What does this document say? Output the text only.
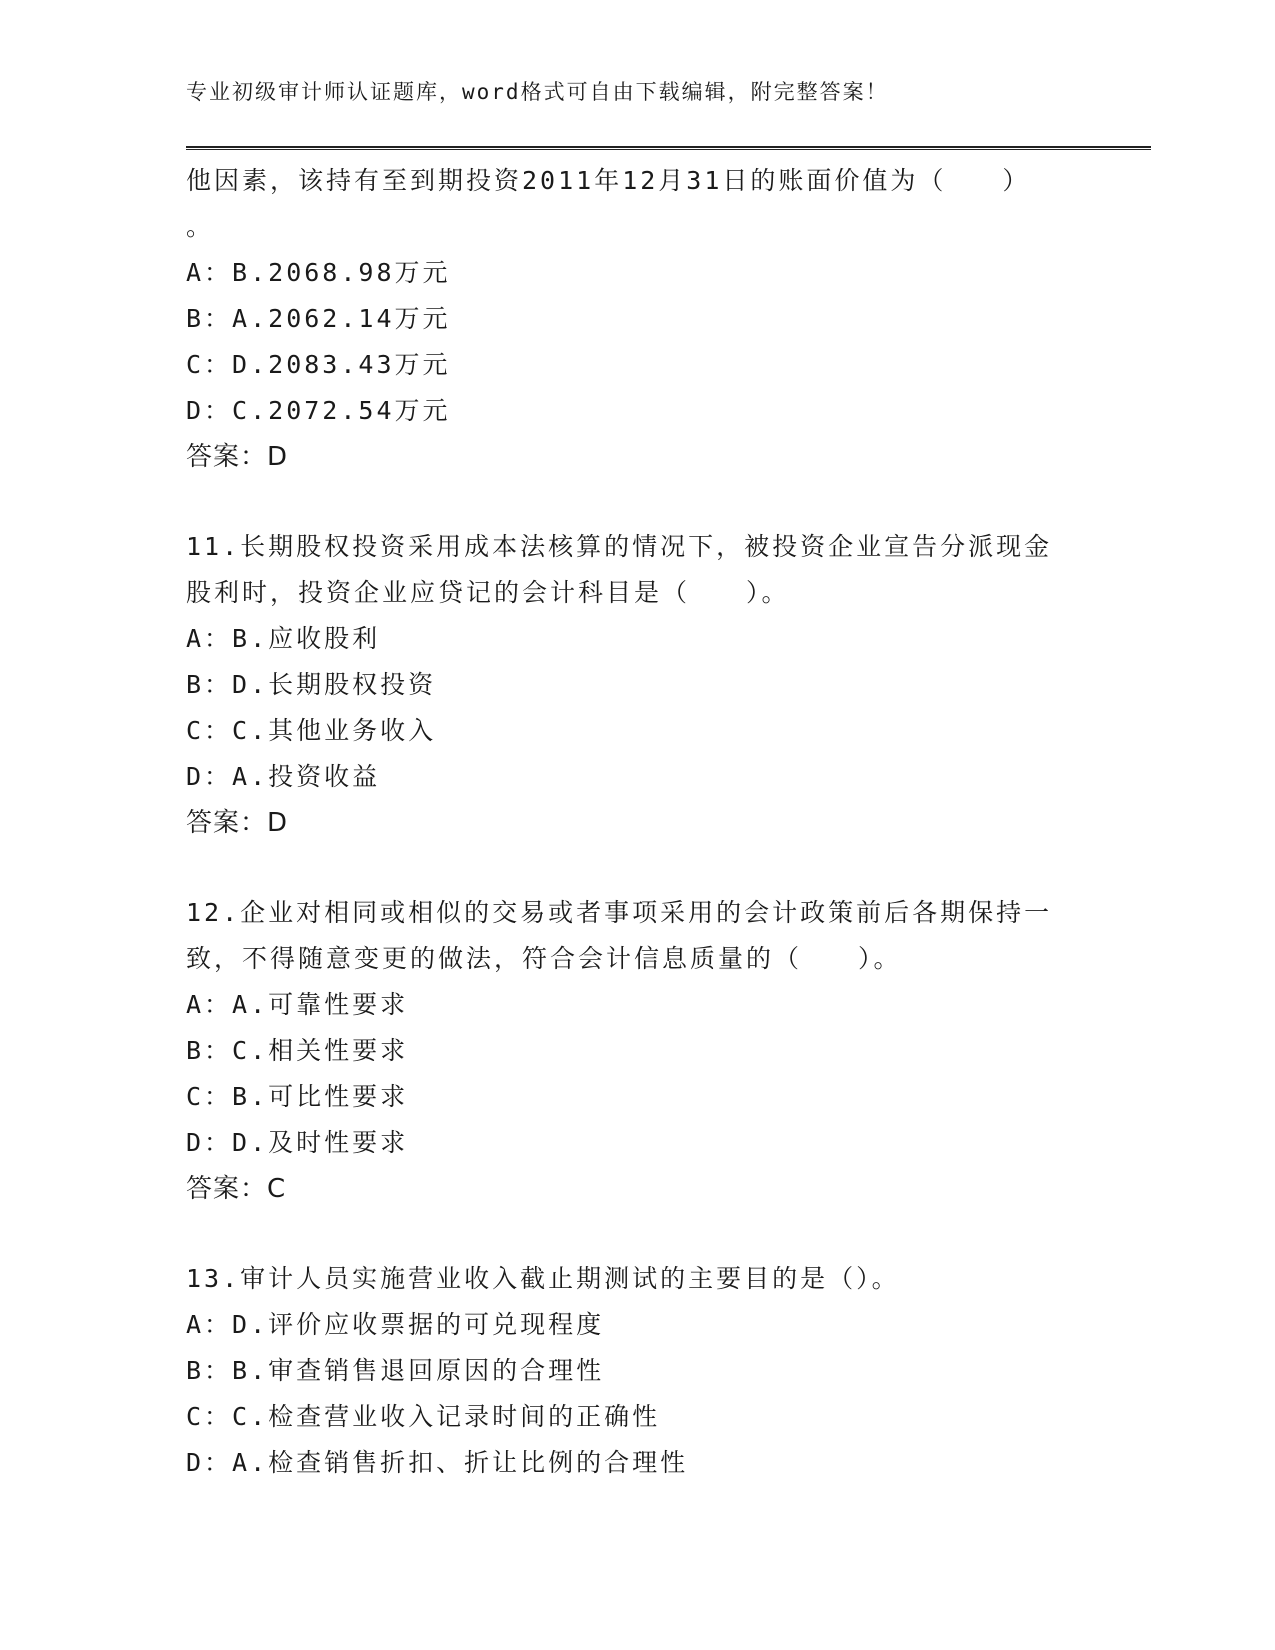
专业初级审计师认证题库，word格式可自由下载编辑，附完整答案！
他因素，该持有至到期投资2011年12月31日的账面价值为（　　）
。
A：B.2068.98万元
B：A.2062.14万元
C：D.2083.43万元
D：C.2072.54万元
答案：D
11.长期股权投资采用成本法核算的情况下，被投资企业宣告分派现金
股利时，投资企业应贷记的会计科目是（　　）。
A：B.应收股利
B：D.长期股权投资
C：C.其他业务收入
D：A.投资收益
答案：D
12.企业对相同或相似的交易或者事项采用的会计政策前后各期保持一
致，不得随意变更的做法，符合会计信息质量的（　　）。
A：A.可靠性要求
B：C.相关性要求
C：B.可比性要求
D：D.及时性要求
答案：C
13.审计人员实施营业收入截止期测试的主要目的是（）。
A：D.评价应收票据的可兑现程度
B：B.审查销售退回原因的合理性
C：C.检查营业收入记录时间的正确性
D：A.检查销售折扣、折让比例的合理性
